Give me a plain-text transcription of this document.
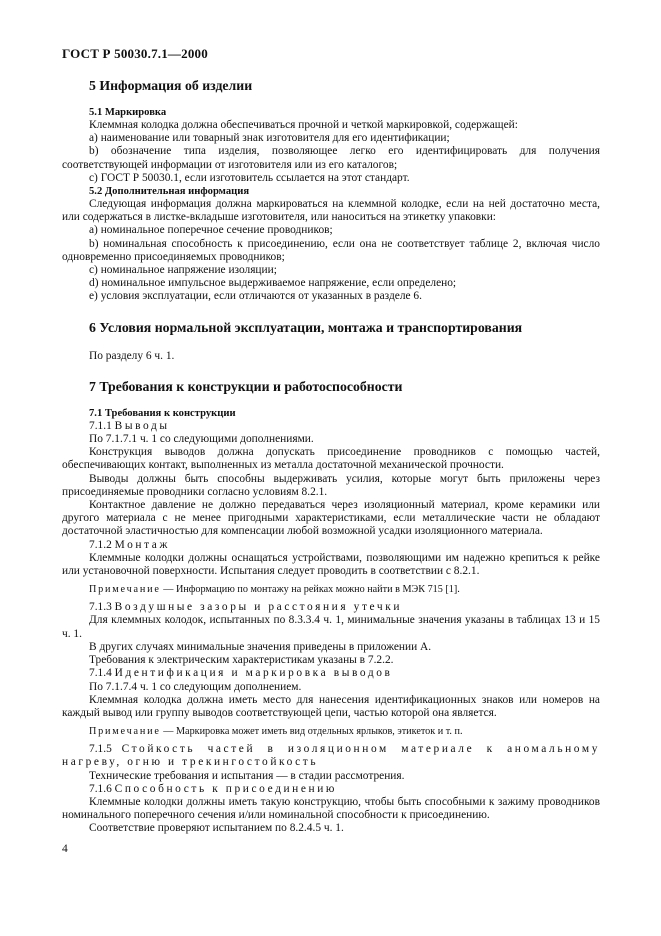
ГОСТ Р 50030.7.1—2000

5 Информация об изделии

5.1 Маркировка

Клеммная колодка должна обеспечиваться прочной и четкой маркировкой, содержащей:

а) наименование или товарный знак изготовителя для его идентификации;

b) обозначение типа изделия, позволяющее легко его идентифицировать для получения соответствующей информации от изготовителя или из его каталогов;

с) ГОСТ Р 50030.1, если изготовитель ссылается на этот стандарт.

5.2 Дополнительная информация

Следующая информация должна маркироваться на клеммной колодке, если на ней достаточно места, или содержаться в листке-вкладыше изготовителя, или наноситься на этикетку упаковки:

а) номинальное поперечное сечение проводников;

b) номинальная способность к присоединению, если она не соответствует таблице 2, включая число одновременно присоединяемых проводников;

с) номинальное напряжение изоляции;

d) номинальное импульсное выдерживаемое напряжение, если определено;

е) условия эксплуатации, если отличаются от указанных в разделе 6.

6 Условия нормальной эксплуатации, монтажа и транспортирования

По разделу 6 ч. 1.

7 Требования к конструкции и работоспособности

7.1 Требования к конструкции

7.1.1 Выводы

По 7.1.7.1 ч. 1 со следующими дополнениями.

Конструкция выводов должна допускать присоединение проводников с помощью частей, обеспечивающих контакт, выполненных из металла достаточной механической прочности.

Выводы должны быть способны выдерживать усилия, которые могут быть приложены через присоединяемые проводники согласно условиям 8.2.1.

Контактное давление не должно передаваться через изоляционный материал, кроме керамики или другого материала с не менее пригодными характеристиками, если металлические части не обладают достаточной эластичностью для компенсации любой возможной усадки изоляционного материала.

7.1.2 Монтаж

Клеммные колодки должны оснащаться устройствами, позволяющими им надежно крепиться к рейке или установочной поверхности. Испытания следует проводить в соответствии с 8.2.1.

Примечание — Информацию по монтажу на рейках можно найти в МЭК 715 [1].

7.1.3 Воздушные зазоры и расстояния утечки

Для клеммных колодок, испытанных по 8.3.3.4 ч. 1, минимальные значения указаны в таблицах 13 и 15 ч. 1.

В других случаях минимальные значения приведены в приложении А.

Требования к электрическим характеристикам указаны в 7.2.2.

7.1.4 Идентификация и маркировка выводов

По 7.1.7.4 ч. 1 со следующим дополнением.

Клеммная колодка должна иметь место для нанесения идентификационных знаков или номеров на каждый вывод или группу выводов соответствующей цепи, частью которой она является.

Примечание — Маркировка может иметь вид отдельных ярлыков, этикеток и т. п.

7.1.5 Стойкость частей в изоляционном материале к аномальному нагреву, огню и трекингостойкость

Технические требования и испытания — в стадии рассмотрения.

7.1.6 Способность к присоединению

Клеммные колодки должны иметь такую конструкцию, чтобы быть способными к зажиму проводников номинального поперечного сечения и/или номинальной способности к присоединению.

Соответствие проверяют испытанием по 8.2.4.5 ч. 1.

4
